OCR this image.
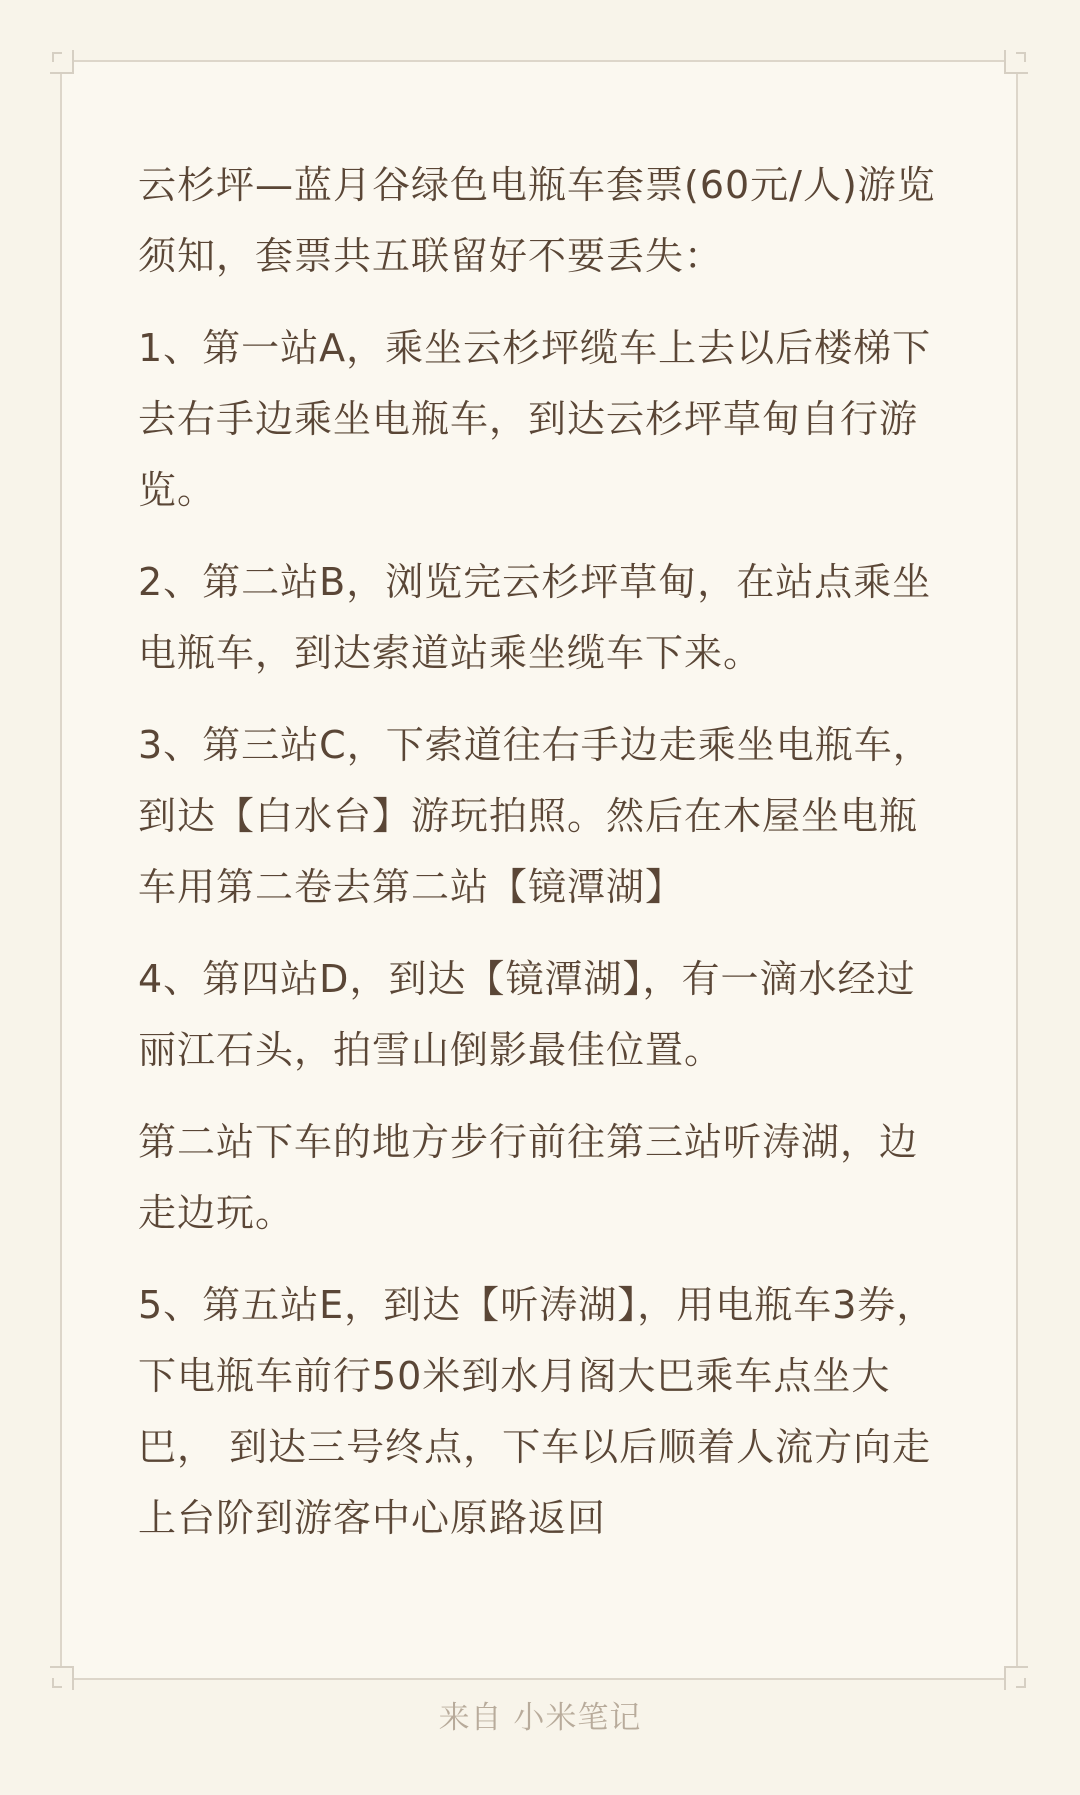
云杉坪—蓝月谷绿色电瓶车套票(60元/人)游览须知，套票共五联留好不要丢失：

1、第一站A，乘坐云杉坪缆车上去以后楼梯下去右手边乘坐电瓶车，到达云杉坪草甸自行游览。

2、第二站B，浏览完云杉坪草甸，在站点乘坐电瓶车，到达索道站乘坐缆车下来。

3、第三站C，下索道往右手边走乘坐电瓶车，到达【白水台】游玩拍照。然后在木屋坐电瓶车用第二卷去第二站【镜潭湖】

4、第四站D，到达【镜潭湖】，有一滴水经过丽江石头，拍雪山倒影最佳位置。

第二站下车的地方步行前往第三站听涛湖，边走边玩。

5、第五站E，到达【听涛湖】，用电瓶车3券，下电瓶车前行50米到水月阁大巴乘车点坐大巴， 到达三号终点，下车以后顺着人流方向走上台阶到游客中心原路返回

来自 小米笔记
